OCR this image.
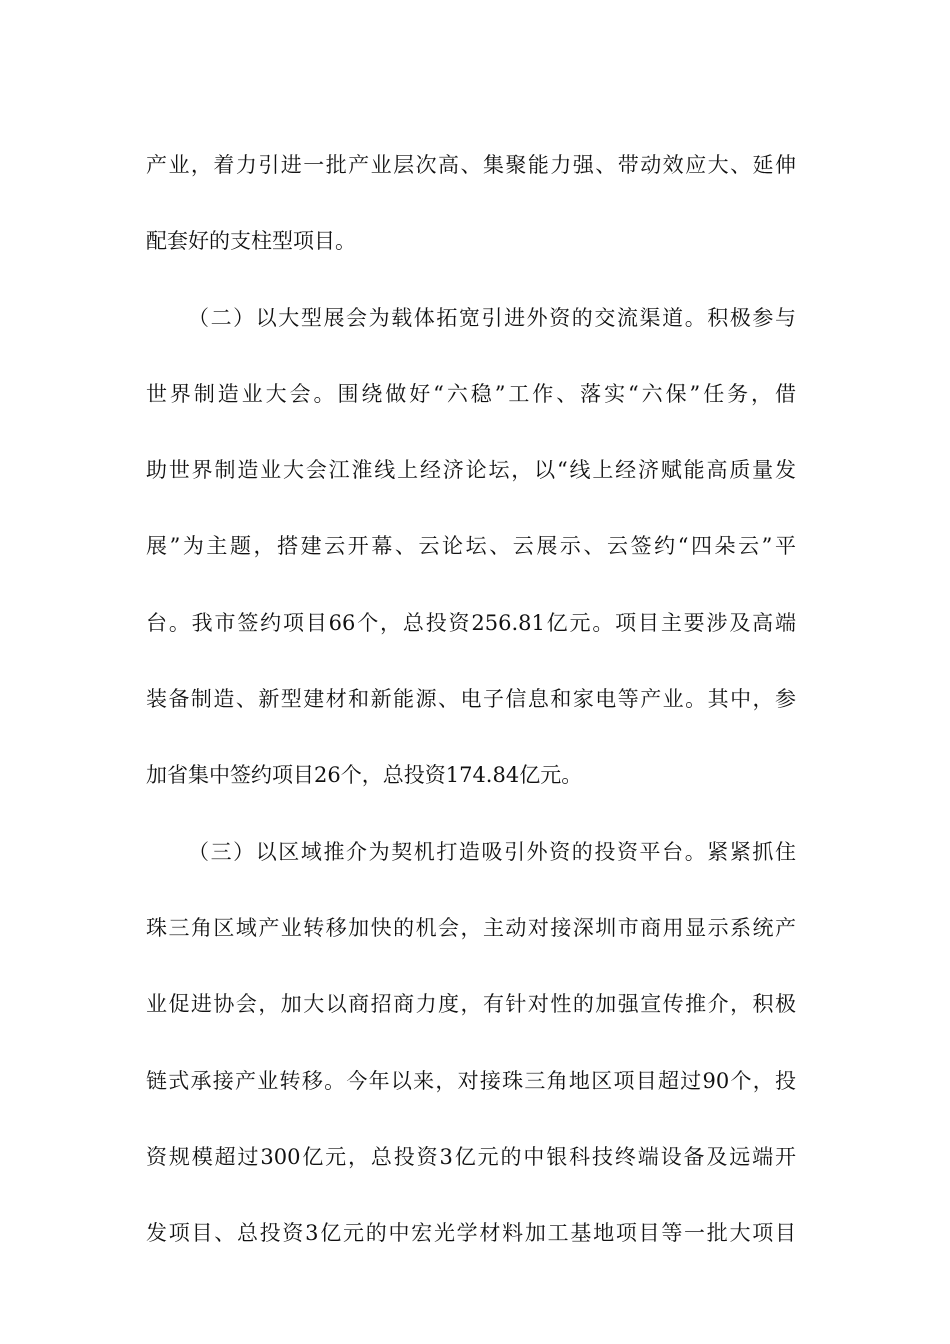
产业，着力引进一批产业层次高、集聚能力强、带动效应大、延伸
配套好的支柱型项目。
（二）以大型展会为载体拓宽引进外资的交流渠道。积极参与
世界制造业大会。围绕做好“六稳”工作、落实“六保”任务，借
助世界制造业大会江淮线上经济论坛，以“线上经济赋能高质量发
展”为主题，搭建云开幕、云论坛、云展示、云签约“四朵云”平
台。我市签约项目66个，总投资256.81亿元。项目主要涉及高端
装备制造、新型建材和新能源、电子信息和家电等产业。其中，参
加省集中签约项目26个，总投资174.84亿元。
（三）以区域推介为契机打造吸引外资的投资平台。紧紧抓住
珠三角区域产业转移加快的机会，主动对接深圳市商用显示系统产
业促进协会，加大以商招商力度，有针对性的加强宣传推介，积极
链式承接产业转移。今年以来，对接珠三角地区项目超过90个，投
资规模超过300亿元，总投资3亿元的中银科技终端设备及远端开
发项目、总投资3亿元的中宏光学材料加工基地项目等一批大项目
